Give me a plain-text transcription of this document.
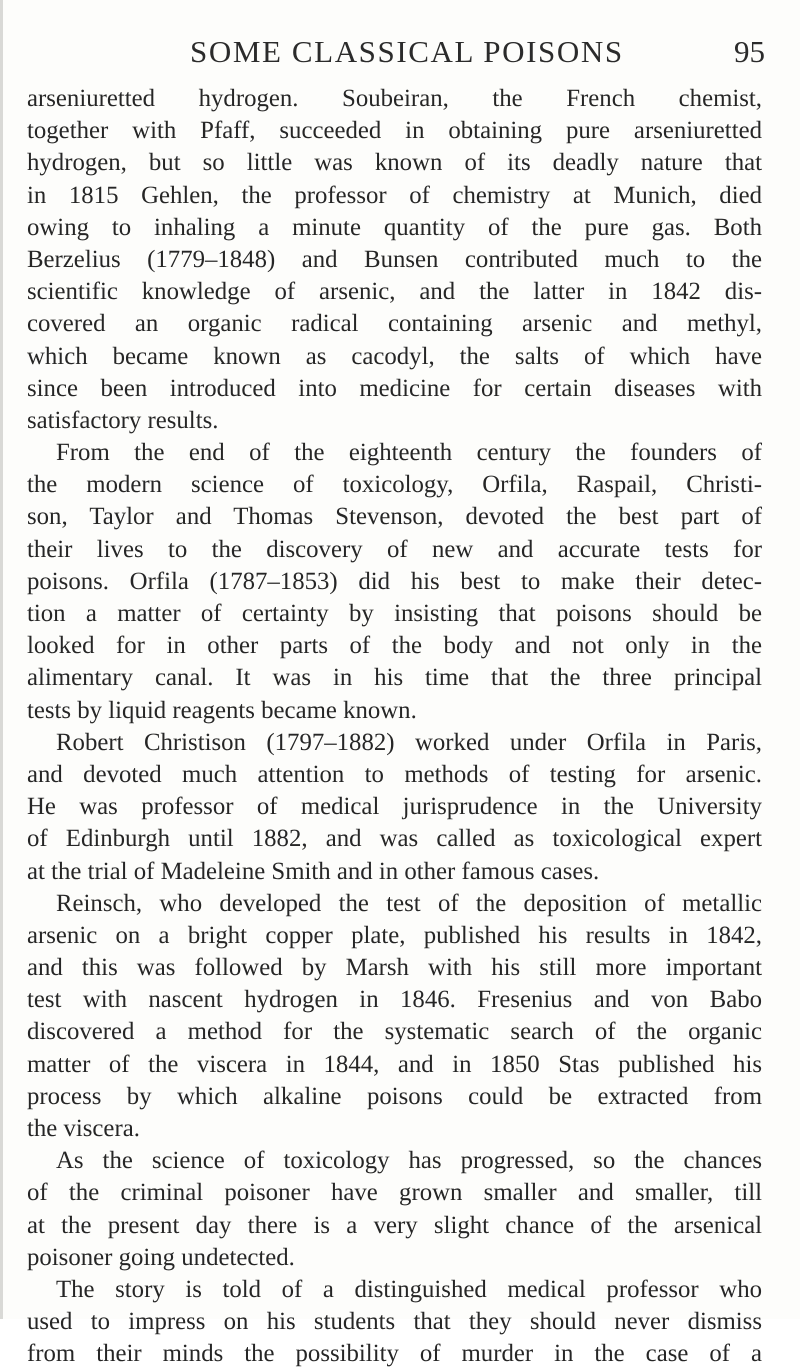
SOME CLASSICAL POISONS	95
arseniuretted hydrogen. Soubeiran, the French chemist,
together with Pfaff, succeeded in obtaining pure arseniuretted
hydrogen, but so little was known of its deadly nature that
in 1815 Gehlen, the professor of chemistry at Munich, died
owing to inhaling a minute quantity of the pure gas. Both
Berzelius (1779–1848) and Bunsen contributed much to the
scientific knowledge of arsenic, and the latter in 1842 dis-
covered an organic radical containing arsenic and methyl,
which became known as cacodyl, the salts of which have
since been introduced into medicine for certain diseases with
satisfactory results.
From the end of the eighteenth century the founders of
the modern science of toxicology, Orfila, Raspail, Christi-
son, Taylor and Thomas Stevenson, devoted the best part of
their lives to the discovery of new and accurate tests for
poisons. Orfila (1787–1853) did his best to make their detec-
tion a matter of certainty by insisting that poisons should be
looked for in other parts of the body and not only in the
alimentary canal. It was in his time that the three principal
tests by liquid reagents became known.
Robert Christison (1797–1882) worked under Orfila in Paris,
and devoted much attention to methods of testing for arsenic.
He was professor of medical jurisprudence in the University
of Edinburgh until 1882, and was called as toxicological expert
at the trial of Madeleine Smith and in other famous cases.
Reinsch, who developed the test of the deposition of metallic
arsenic on a bright copper plate, published his results in 1842,
and this was followed by Marsh with his still more important
test with nascent hydrogen in 1846. Fresenius and von Babo
discovered a method for the systematic search of the organic
matter of the viscera in 1844, and in 1850 Stas published his
process by which alkaline poisons could be extracted from
the viscera.
As the science of toxicology has progressed, so the chances
of the criminal poisoner have grown smaller and smaller, till
at the present day there is a very slight chance of the arsenical
poisoner going undetected.
The story is told of a distinguished medical professor who
used to impress on his students that they should never dismiss
from their minds the possibility of murder in the case of a
